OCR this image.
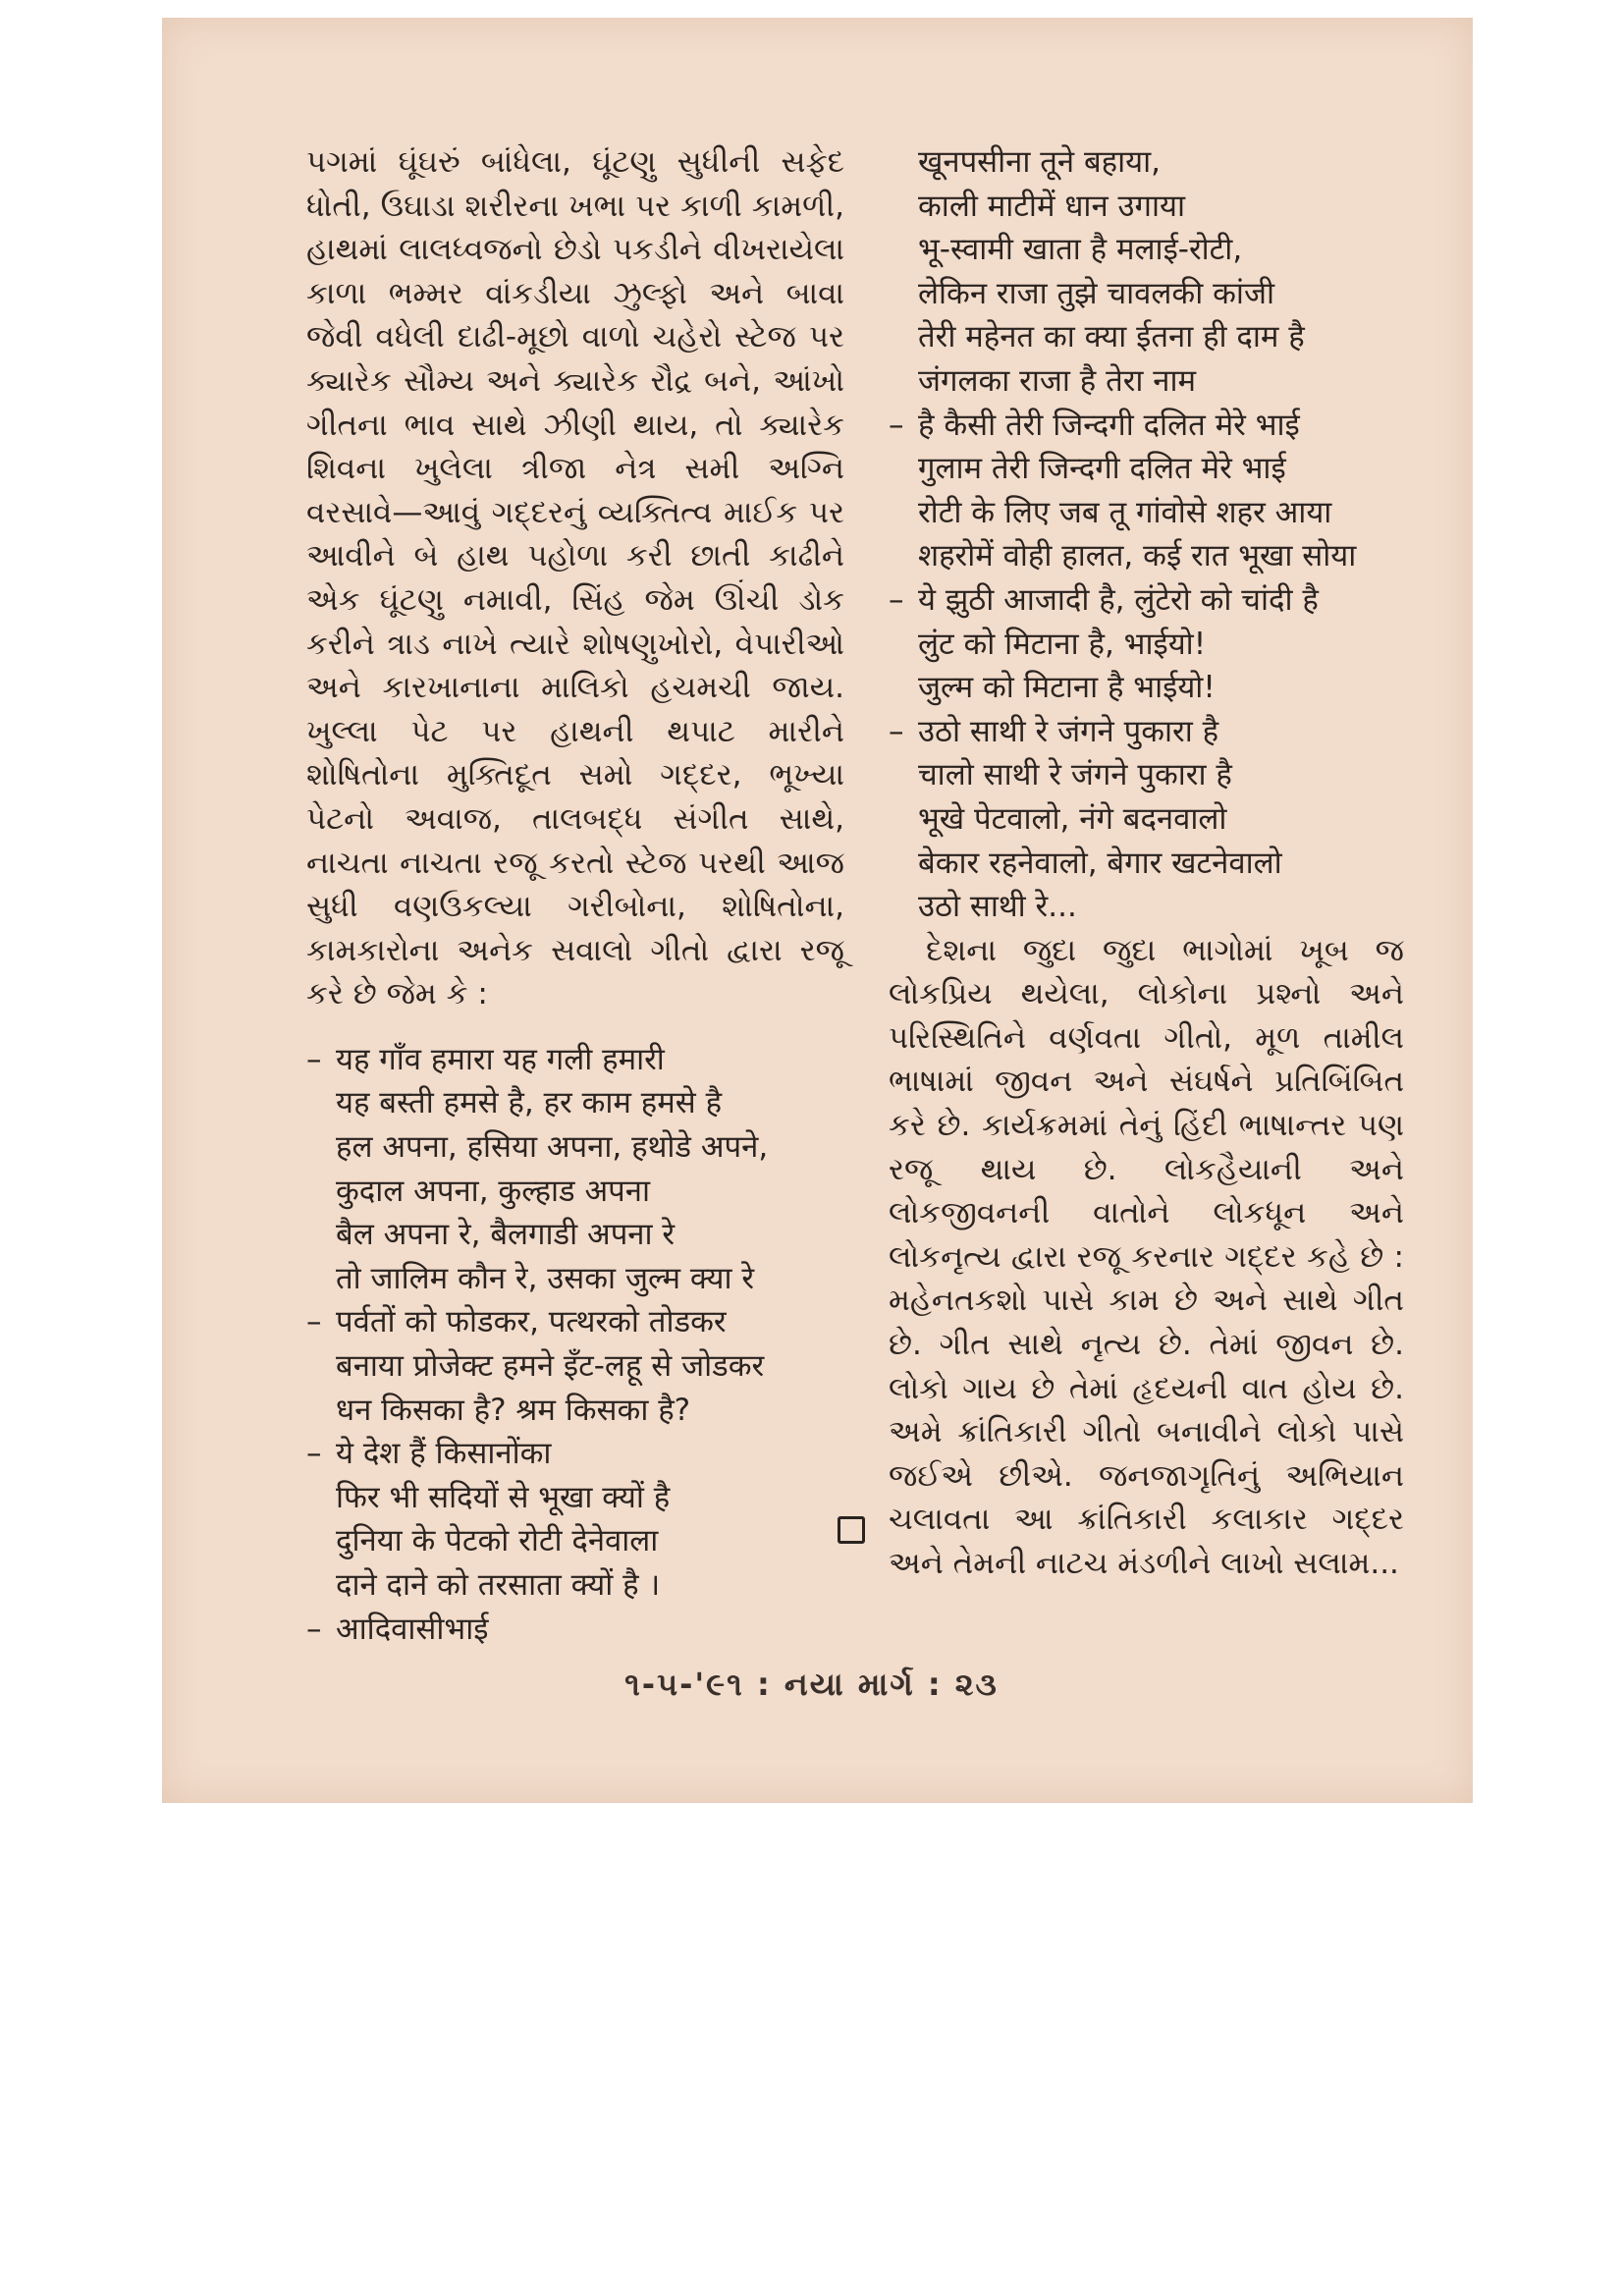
પગમાં ઘૂંઘરું બાંધેલા, ઘૂંટણુ સુધીની સફેદ ધોતી, ઉઘાડા શરીરના ખભા પર કાળી કામળી, હાથમાં લાલધ્વજનો છેડો પકડીને વીખરાયેલા કાળા ભમ્મર વાંકડીયા ઝુલ્ફો અને બાવા જેવી વધેલી દાઢી-મૂછો વાળો ચહેરો સ્ટેજ પર ક્યારેક સૌમ્ય અને ક્યારેક રૌદ્ર બને, આંખો ગીતના ભાવ સાથે ઝીણી થાય, તો ક્યારેક શિવના ખુલેલા ત્રીજા નેત્ર સમી અગ્નિ વરસાવે—આવું ગદ્દરનું વ્યક્તિત્વ માઈક પર આવીને બે હાથ પહોળા કરી છાતી કાઢીને એક ઘૂંટણુ નમાવી, સિંહ જેમ ઊંચી ડોક કરીને ત્રાડ નાખે ત્યારે શોષણુખોરો, વેપારીઓ અને કારખાનાના માલિકો હચમચી જાય. ખુલ્લા પેટ પર હાથની થપાટ મારીને શોષિતોના મુક્તિદૂત સમો ગદ્દર, ભૂખ્યા પેટનો અવાજ, તાલબદ્ધ સંગીત સાથે, નાચતા નાચતા રજૂ કરતો સ્ટેજ પરથી આજ સુધી વણઉકલ્યા ગરીબોના, શોષિતોના, કામકારોના અનેક સવાલો ગીતો દ્વારા રજૂ કરે છે જેમ કે :

– यह गाँव हमारा यह गली हमारी
यह बस्ती हमसे है, हर काम हमसे है
हल अपना, हसिया अपना, हथोडे अपने,
कुदाल अपना, कुल्हाड अपना
बैल अपना रे, बैलगाडी अपना रे
तो जालिम कौन रे, उसका जुल्म क्या रे
– पर्वतों को फोडकर, पत्थरको तोडकर
बनाया प्रोजेक्ट हमने इँट-लहू से जोडकर
धन किसका है? श्रम किसका है?
– ये देश हैं किसानोंका
फिर भी सदियों से भूखा क्यों है
दुनिया के पेटको रोटी देनेवाला
दाने दाने को तरसाता क्यों है ।
– आदिवासीभाई
खूनपसीना तूने बहाया,
काली माटीमें धान उगाया
भू-स्वामी खाता है मलाई-रोटी,
लेकिन राजा तुझे चावलकी कांजी
तेरी महेनत का क्या ईतना ही दाम है
जंगलका राजा है तेरा नाम
– है कैसी तेरी जिन्दगी दलित मेरे भाई
गुलाम तेरी जिन्दगी दलित मेरे भाई
रोटी के लिए जब तू गांवोसे शहर आया
शहरोमें वोही हालत, कई रात भूखा सोया
– ये झुठी आजादी है, लुंटेरो को चांदी है
लुंट को मिटाना है, भाईयो!
जुल्म को मिटाना है भाईयो!
– उठो साथी रे जंगने पुकारा है
चालो साथी रे जंगने पुकारा है
भूखे पेटवालो, नंगे बदनवालो
बेकार रहनेवालो, बेगार खटनेवालो
उठो साथी रे...

દેશના જુદા જુદા ભાગોમાં ખૂબ જ લોકપ્રિય થયેલા, લોકોના પ્રશ્નો અને પરિસ્થિતિને વર્ણવતા ગીતો, મૂળ તામીલ ભાષામાં જીવન અને સંઘર્ષને પ્રતિબિંબિત કરે છે. કાર્યક્રમમાં તેનું હિંદી ભાષાન્તર પણ રજૂ થાય છે. લોકહૈયાની અને લોકજીવનની વાતોને લોકધૂન અને લોકનૃત્ય દ્વારા રજૂ કરનાર ગદ્દર કહે છે : મહેનતકશો પાસે કામ છે અને સાથે ગીત છે. ગીત સાથે નૃત્ય છે. તેમાં જીવન છે. લોકો ગાય છે તેમાં હૃદયની વાત હોય છે. અમે ક્રાંતિકારી ગીતો બનાવીને લોકો પાસે જઈએ છીએ. જનજાગૃતિનું અભિયાન ચલાવતા આ ક્રાંતિકારી કલાકાર ગદ્દર અને તેમની નાટચ મંડળીને લાખો સલામ...

૧-૫-'૯૧ : નયા માર્ગ : ૨૩
